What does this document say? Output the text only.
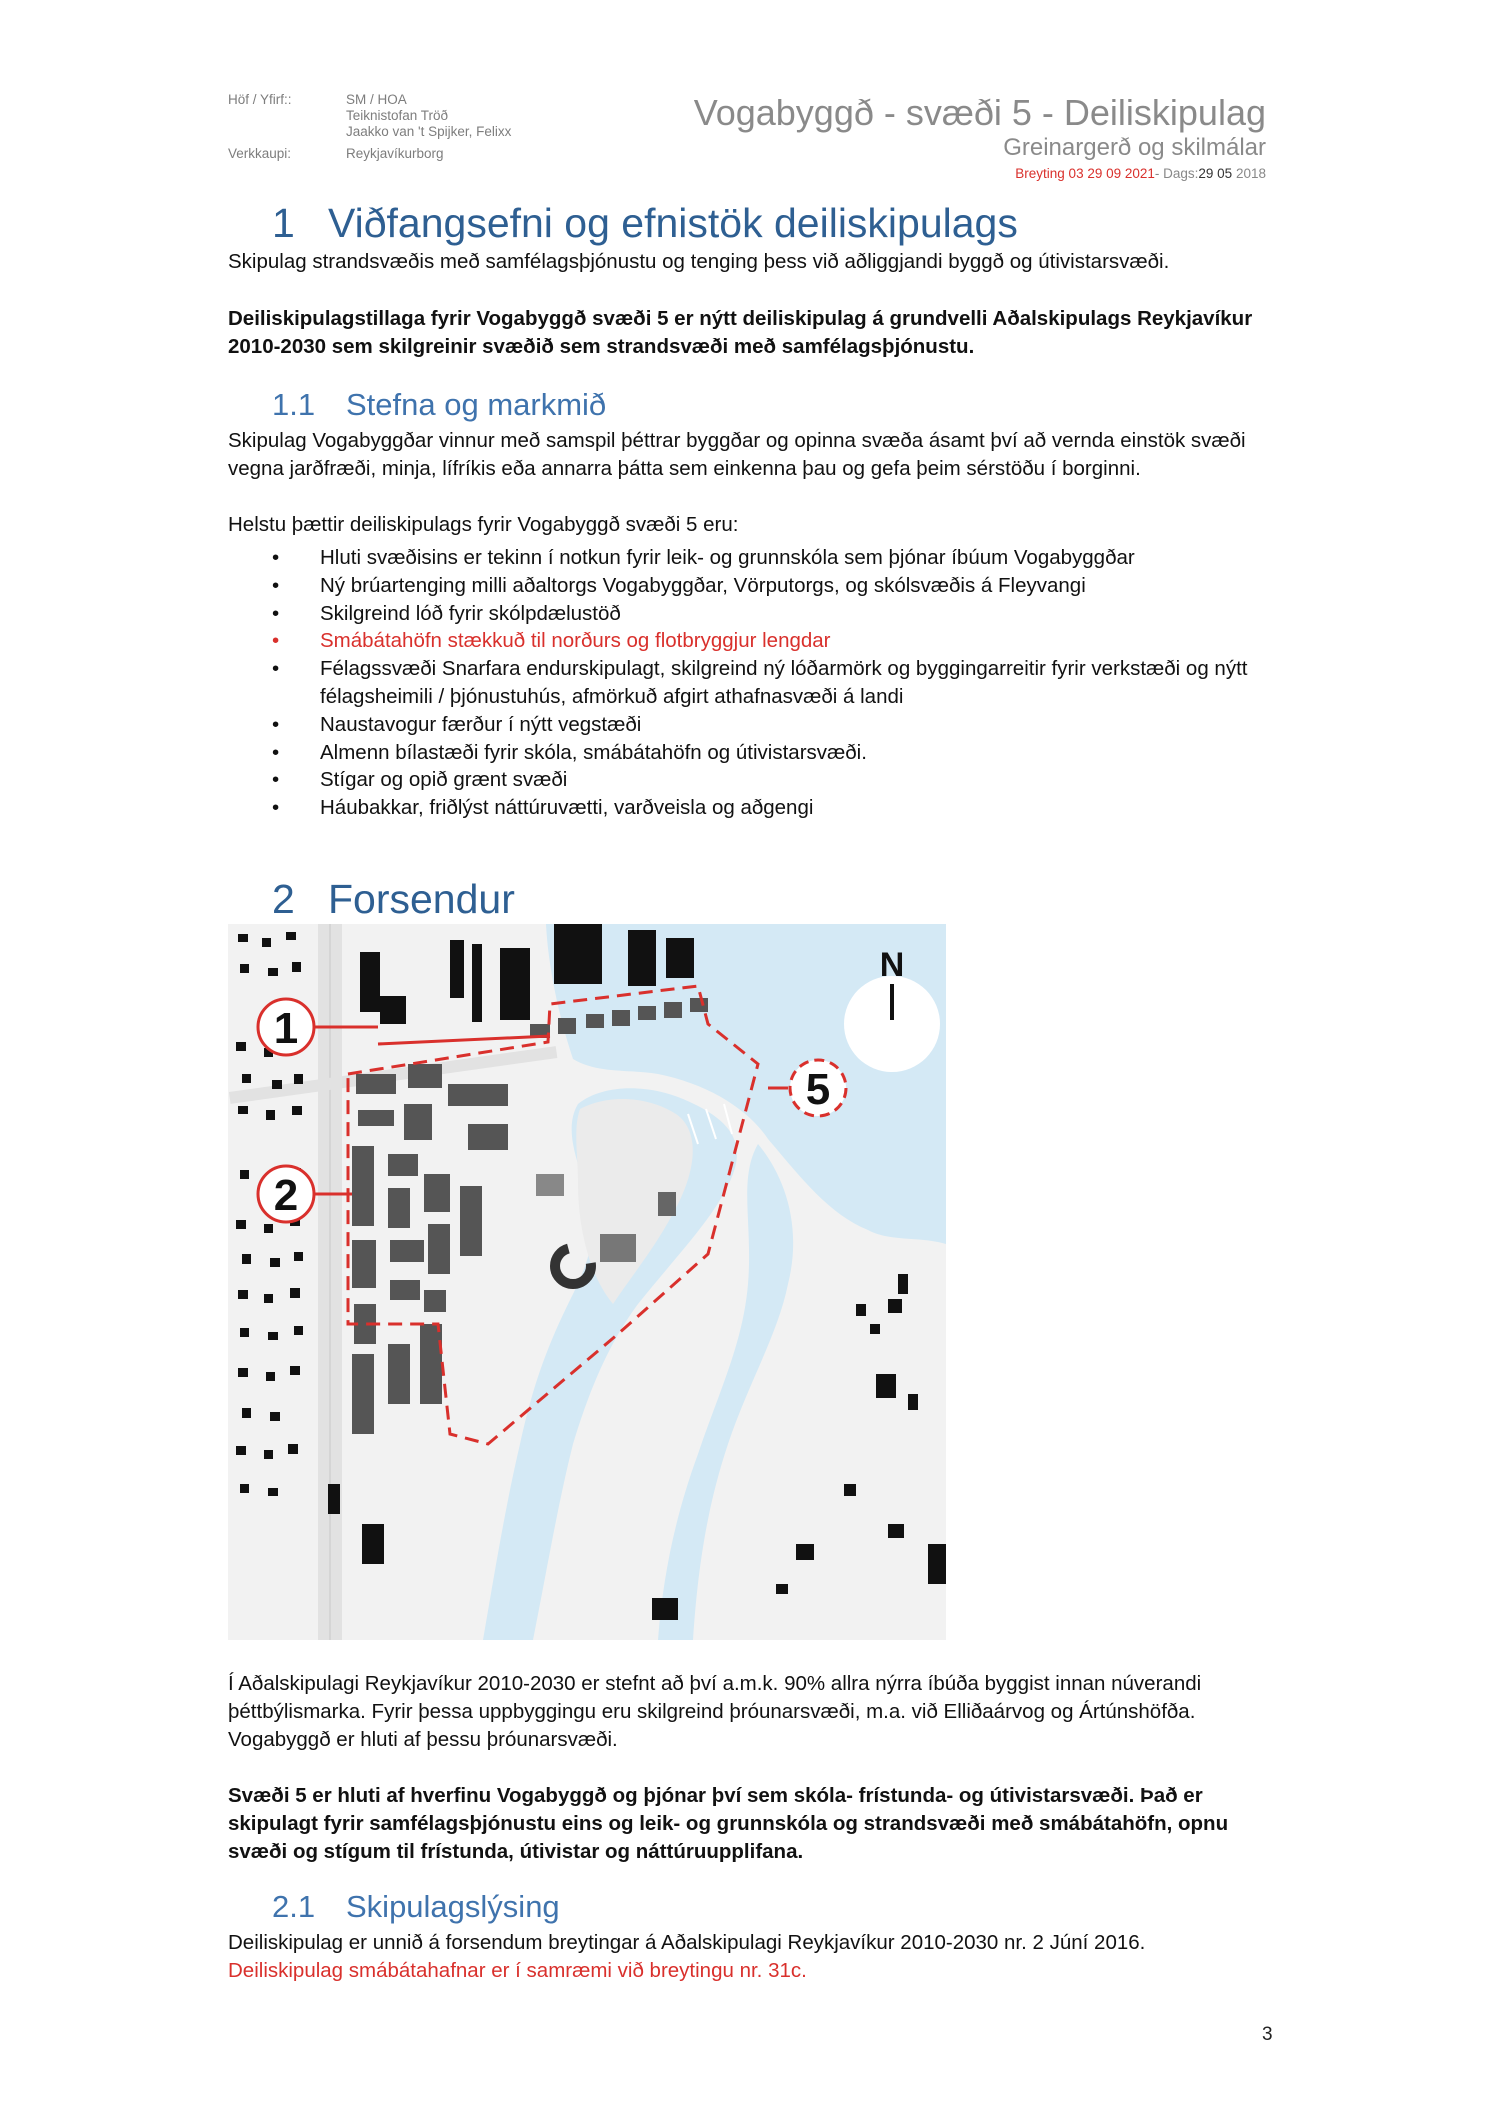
Höf / Yfirf::	SM / HOA
Teiknistofan Tröð
Jaakko van 't Spijker, Felixx
Verkkaupi:	Reykjavíkurborg
Vogabyggð - svæði 5 - Deiliskipulag
Greinargerð og skilmálar
Breyting 03 29 09 2021- Dags:29 05 2018
1 Viðfangsefni og efnistök deiliskipulags

Skipulag strandsvæðis með samfélagsþjónustu og tenging þess við aðliggjandi byggð og útivistarsvæði.

Deiliskipulagstillaga fyrir Vogabyggð svæði 5 er nýtt deiliskipulag á grundvelli Aðalskipulags Reykjavíkur 2010-2030 sem skilgreinir svæðið sem strandsvæði með samfélagsþjónustu.

1.1 Stefna og markmið

Skipulag Vogabyggðar vinnur með samspil þéttrar byggðar og opinna svæða ásamt því að vernda einstök svæði vegna jarðfræði, minja, lífríkis eða annarra þátta sem einkenna þau og gefa þeim sérstöðu í borginni.

Helstu þættir deiliskipulags fyrir Vogabyggð svæði 5 eru:

• Hluti svæðisins er tekinn í notkun fyrir leik- og grunnskóla sem þjónar íbúum Vogabyggðar
• Ný brúartenging milli aðaltorgs Vogabyggðar, Vörputorgs, og skólsvæðis á Fleyvangi
• Skilgreind lóð fyrir skólpdælustöð
• Smábátahöfn stækkuð til norðurs og flotbryggjur lengdar
• Félagssvæði Snarfara endurskipulagt, skilgreind ný lóðarmörk og byggingarreitir fyrir verkstæði og nýtt félagsheimili / þjónustuhús, afmörkuð afgirt athafnasvæði á landi
• Naustavogur færður í nýtt vegstæði
• Almenn bílastæði fyrir skóla, smábátahöfn og útivistarsvæði.
• Stígar og opið grænt svæði
• Háubakkar, friðlýst náttúruvætti, varðveisla og aðgengi
2 Forsendur
N
1
2
5

Í Aðalskipulagi Reykjavíkur 2010-2030 er stefnt að því a.m.k. 90% allra nýrra íbúða byggist innan núverandi þéttbýlismarka. Fyrir þessa uppbyggingu eru skilgreind þróunarsvæði, m.a. við Elliðaárvog og Ártúnshöfða. Vogabyggð er hluti af þessu þróunarsvæði.

Svæði 5 er hluti af hverfinu Vogabyggð og þjónar því sem skóla- frístunda- og útivistarsvæði. Það er skipulagt fyrir samfélagsþjónustu eins og leik- og grunnskóla og strandsvæði með smábátahöfn, opnu svæði og stígum til frístunda, útivistar og náttúruupplifana.

2.1 Skipulagslýsing

Deiliskipulag er unnið á forsendum breytingar á Aðalskipulagi Reykjavíkur 2010-2030 nr. 2 Júní 2016.

Deiliskipulag smábátahafnar er í samræmi við breytingu nr. 31c.

3
